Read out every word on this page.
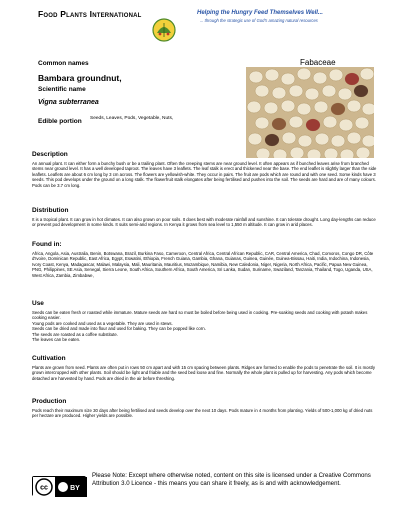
Food Plants International	Helping the Hungry Feed Themselves Well...
... through the strategic use of God's amazing natural resources
Common names
Bambara groundnut,
Scientific name
Vigna subterranea
Edible portion Seeds, Leaves, Pods, Vegetable, Nuts,
Fabaceae
Description
An annual plant. It can either form a bunchy bush or be a trailing plant. Often the creeping stems are near ground level. It often appears as if bunched leaves arise from branched stems near ground level. It has a well developed taproot. The leaves have 3 leaflets. The leaf stalk is erect and thickened near the base. The end leaflet is slightly larger than the side leaflets. Leaflets are about 6 cm long by 3 cm across. The flowers are yellowish-white. They occur in pairs. The fruit are pods which are round and with one seed. Some kinds have 3 seeds. This pod develops under the ground on a long stalk. The flowerfruit stalk elongates after being fertilised and pushes into the soil. The seeds are hard and are of many colours. Pods can be 3.7 cm long.
Distribution
It is a tropical plant. It can grow in hot climates. It can also grown on poor soils. It does best with moderate rainfall and sunshine. It can tolerate drought. Long day-lengths can reduce or prevent pod development in some kinds. It suits semi-arid regions. In Kenya it grows from sea level to 1,550 m altitude. It can grow in arid places.
Found in:
Africa, Angola, Asia, Australia, Benin, Botswana, Brazil, Burkina Faso, Cameroon, Central Africa, Central African Republic, CAR, Central America, Chad, Comoros, Congo DR, Côte d'Ivoire, Dominican Republic, East Africa, Egypt, Eswatini, Ethiopia, French Guiana, Gambia, Ghana, Guianas, Guinea, Guinée, Guinea-Bissau, Haiti, India, Indochina, Indonesia, Ivory Coast, Kenya, Madagascar, Malawi, Malaysia, Mali, Mauritania, Mauritius, Mozambique, Namibia, New Caledonia, Niger, Nigeria, North Africa, Pacific, Papua New Guinea, PNG, Philippines, SE Asia, Senegal, Sierra Leone, South Africa, Southern Africa, South America, Sri Lanka, Sudan, Suriname, Swaziland, Tanzania, Thailand, Togo, Uganda, USA, West Africa, Zambia, Zimbabwe,
Use
Seeds can be eaten fresh or roasted while immature. Mature seeds are hard so must be boiled before being used in cooking. Pre-soaking seeds and cooking with potash makes cooking easier.
Young pods are cooked and used as a vegetable. They are used in stews.
Seeds can be dried and made into flour and used for baking. They can be popped like corn.
The seeds are roasted as a coffee substitute.
The leaves can be eaten.
Cultivation
Plants are grown from seed. Plants are often put in rows 50 cm apart and with 15 cm spacing between plants. Ridges are formed to enable the pods to penetrate the soil. It is mostly grown intercropped with other plants. Soil should be light and friable and the seed bed loose and fine. Normally the whole plant is pulled up for harvesting. Any pods which become detached are harvested by hand. Pods are dried in the air before threshing.
Production
Pods reach their maximum size 30 days after being fertilised and seeds develop over the next 10 days. Pods mature in 4 months from planting. Yields of 500-1,000 kg of dried nuts per hectare are produced. Higher yields are possible.
cc	BY
Please Note: Except where otherwise noted, content on this site is licensed under a Creative Commons Attribution 3.0 Licence - this means you can share it freely, as is and with acknowledgement.
